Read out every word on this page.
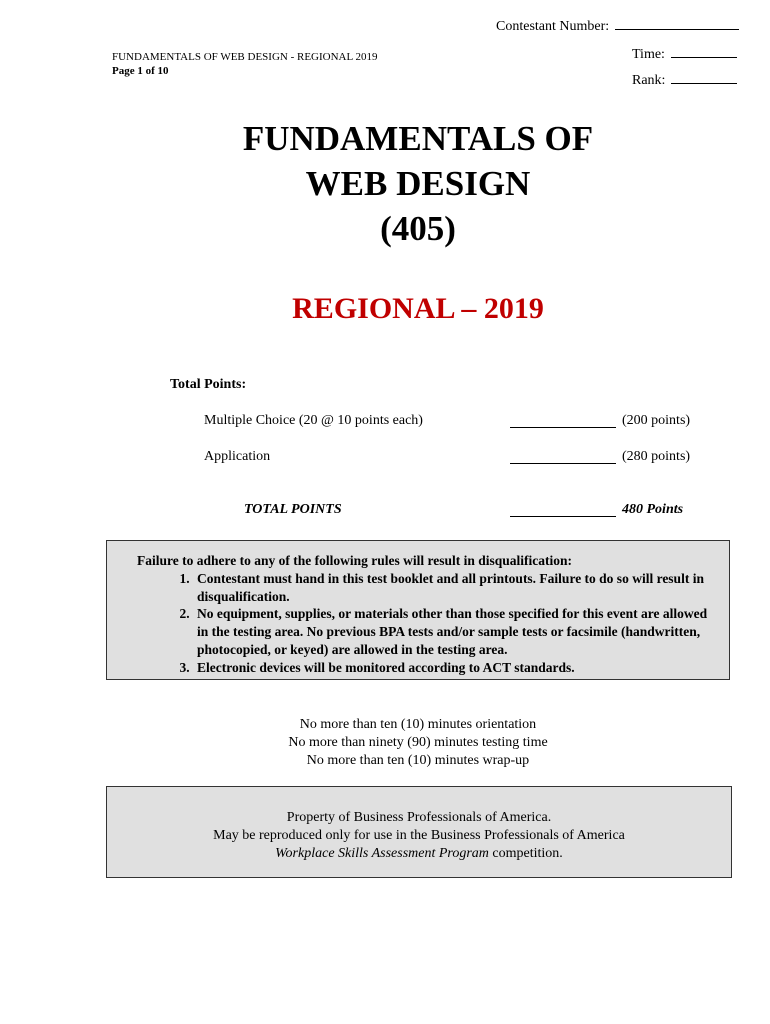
Contestant Number:
Time:
Rank:
FUNDAMENTALS OF WEB DESIGN - REGIONAL 2019
Page 1 of 10
FUNDAMENTALS OF
WEB DESIGN
(405)
REGIONAL – 2019
Total Points:
Multiple Choice (20 @ 10 points each)	(200 points)
Application	(280 points)
TOTAL POINTS	480 Points
Failure to adhere to any of the following rules will result in disqualification:
1. Contestant must hand in this test booklet and all printouts. Failure to do so will result in disqualification.
2. No equipment, supplies, or materials other than those specified for this event are allowed in the testing area. No previous BPA tests and/or sample tests or facsimile (handwritten, photocopied, or keyed) are allowed in the testing area.
3. Electronic devices will be monitored according to ACT standards.
No more than ten (10) minutes orientation
No more than ninety (90) minutes testing time
No more than ten (10) minutes wrap-up
Property of Business Professionals of America.
May be reproduced only for use in the Business Professionals of America
Workplace Skills Assessment Program competition.
